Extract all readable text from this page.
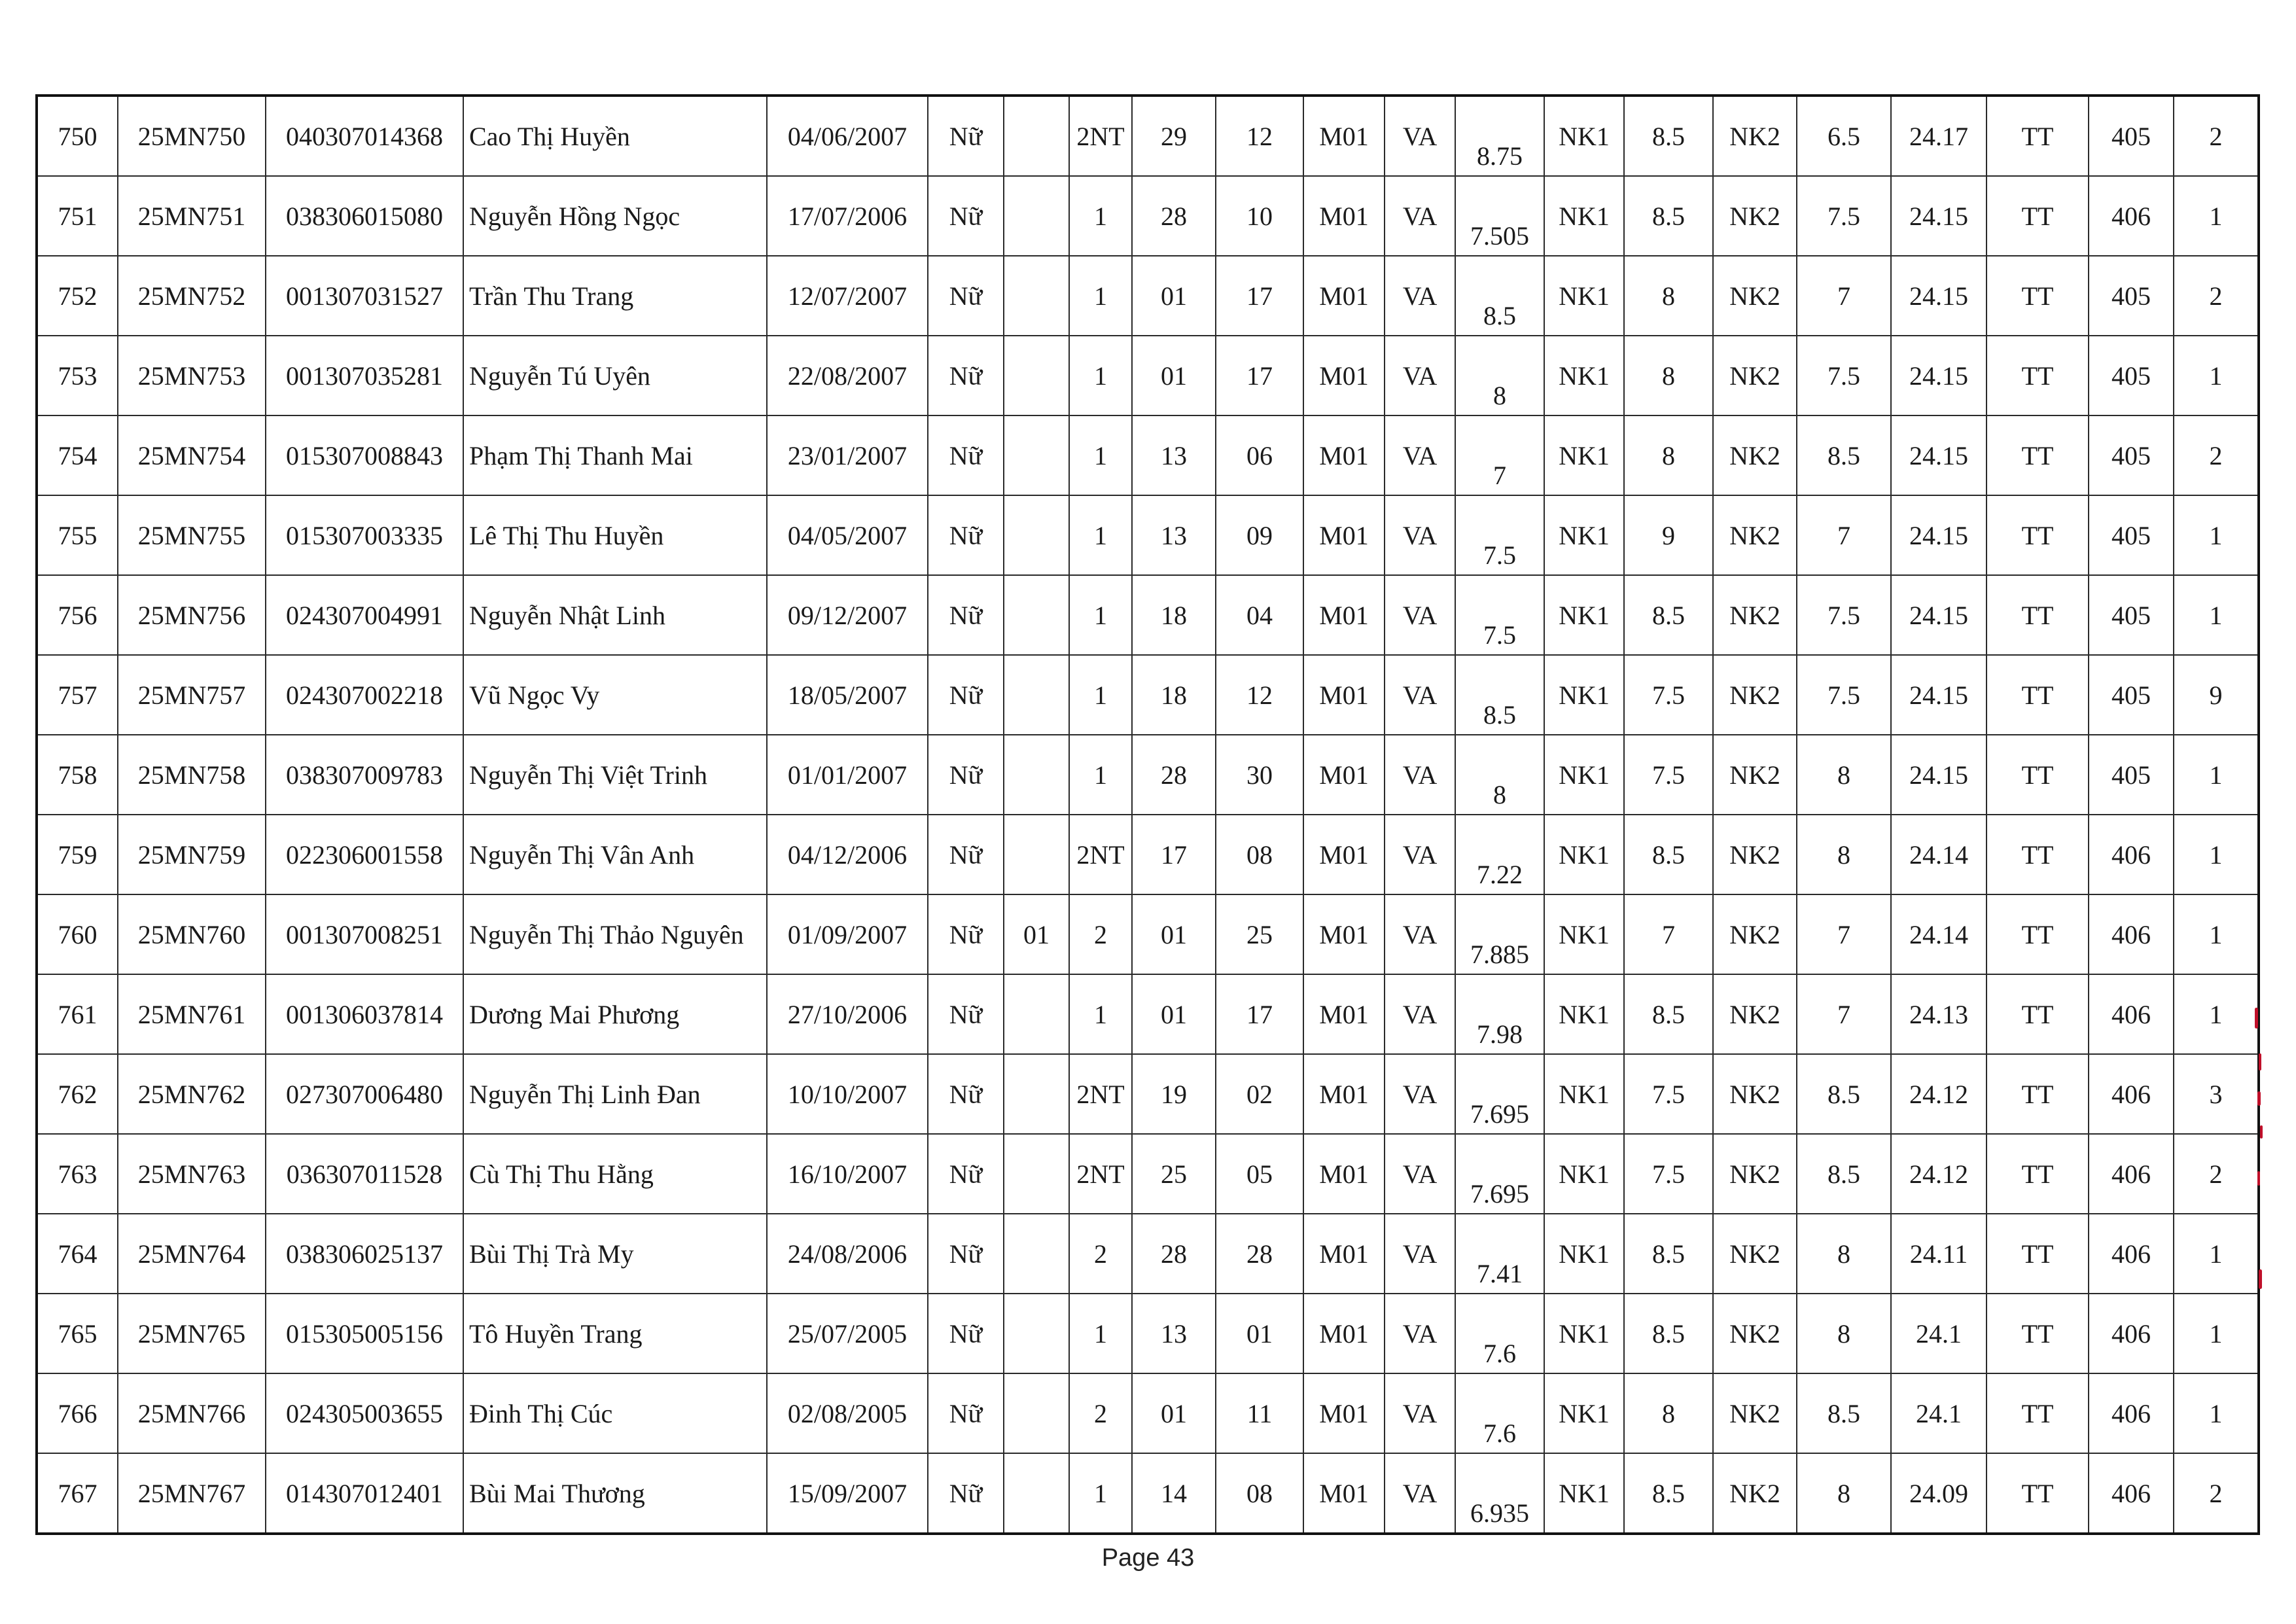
750	25MN750	040307014368	Cao Thị Huyền	04/06/2007	Nữ		2NT	29	12	M01	VA	8.75	NK1	8.5	NK2	6.5	24.17	TT	405	2
751	25MN751	038306015080	Nguyễn Hồng Ngọc	17/07/2006	Nữ		1	28	10	M01	VA	7.505	NK1	8.5	NK2	7.5	24.15	TT	406	1
752	25MN752	001307031527	Trần Thu Trang	12/07/2007	Nữ		1	01	17	M01	VA	8.5	NK1	8	NK2	7	24.15	TT	405	2
753	25MN753	001307035281	Nguyễn Tú Uyên	22/08/2007	Nữ		1	01	17	M01	VA	8	NK1	8	NK2	7.5	24.15	TT	405	1
754	25MN754	015307008843	Phạm Thị Thanh Mai	23/01/2007	Nữ		1	13	06	M01	VA	7	NK1	8	NK2	8.5	24.15	TT	405	2
755	25MN755	015307003335	Lê Thị Thu Huyền	04/05/2007	Nữ		1	13	09	M01	VA	7.5	NK1	9	NK2	7	24.15	TT	405	1
756	25MN756	024307004991	Nguyễn Nhật Linh	09/12/2007	Nữ		1	18	04	M01	VA	7.5	NK1	8.5	NK2	7.5	24.15	TT	405	1
757	25MN757	024307002218	Vũ Ngọc Vy	18/05/2007	Nữ		1	18	12	M01	VA	8.5	NK1	7.5	NK2	7.5	24.15	TT	405	9
758	25MN758	038307009783	Nguyễn Thị Việt Trinh	01/01/2007	Nữ		1	28	30	M01	VA	8	NK1	7.5	NK2	8	24.15	TT	405	1
759	25MN759	022306001558	Nguyễn Thị Vân Anh	04/12/2006	Nữ		2NT	17	08	M01	VA	7.22	NK1	8.5	NK2	8	24.14	TT	406	1
760	25MN760	001307008251	Nguyễn Thị Thảo Nguyên	01/09/2007	Nữ	01	2	01	25	M01	VA	7.885	NK1	7	NK2	7	24.14	TT	406	1
761	25MN761	001306037814	Dương Mai Phương	27/10/2006	Nữ		1	01	17	M01	VA	7.98	NK1	8.5	NK2	7	24.13	TT	406	1
762	25MN762	027307006480	Nguyễn Thị Linh Đan	10/10/2007	Nữ		2NT	19	02	M01	VA	7.695	NK1	7.5	NK2	8.5	24.12	TT	406	3
763	25MN763	036307011528	Cù Thị Thu Hằng	16/10/2007	Nữ		2NT	25	05	M01	VA	7.695	NK1	7.5	NK2	8.5	24.12	TT	406	2
764	25MN764	038306025137	Bùi Thị Trà My	24/08/2006	Nữ		2	28	28	M01	VA	7.41	NK1	8.5	NK2	8	24.11	TT	406	1
765	25MN765	015305005156	Tô Huyền Trang	25/07/2005	Nữ		1	13	01	M01	VA	7.6	NK1	8.5	NK2	8	24.1	TT	406	1
766	25MN766	024305003655	Đinh Thị Cúc	02/08/2005	Nữ		2	01	11	M01	VA	7.6	NK1	8	NK2	8.5	24.1	TT	406	1
767	25MN767	014307012401	Bùi Mai Thương	15/09/2007	Nữ		1	14	08	M01	VA	6.935	NK1	8.5	NK2	8	24.09	TT	406	2
Page 43
